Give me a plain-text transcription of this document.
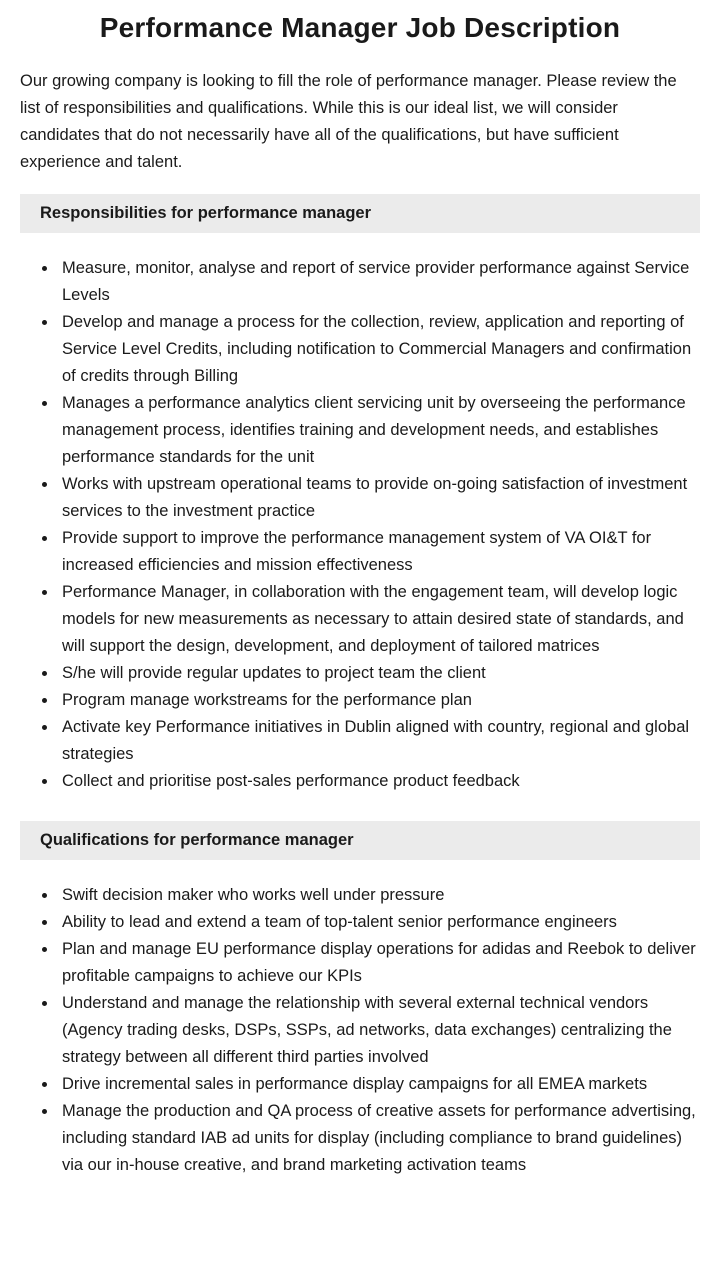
Performance Manager Job Description

Our growing company is looking to fill the role of performance manager. Please review the list of responsibilities and qualifications. While this is our ideal list, we will consider candidates that do not necessarily have all of the qualifications, but have sufficient experience and talent.

Responsibilities for performance manager
• Measure, monitor, analyse and report of service provider performance against Service Levels
• Develop and manage a process for the collection, review, application and reporting of Service Level Credits, including notification to Commercial Managers and confirmation of credits through Billing
• Manages a performance analytics client servicing unit by overseeing the performance management process, identifies training and development needs, and establishes performance standards for the unit
• Works with upstream operational teams to provide on-going satisfaction of investment services to the investment practice
• Provide support to improve the performance management system of VA OI&T for increased efficiencies and mission effectiveness
• Performance Manager, in collaboration with the engagement team, will develop logic models for new measurements as necessary to attain desired state of standards, and will support the design, development, and deployment of tailored matrices
• S/he will provide regular updates to project team the client
• Program manage workstreams for the performance plan
• Activate key Performance initiatives in Dublin aligned with country, regional and global strategies
• Collect and prioritise post-sales performance product feedback
Qualifications for performance manager
• Swift decision maker who works well under pressure
• Ability to lead and extend a team of top-talent senior performance engineers
• Plan and manage EU performance display operations for adidas and Reebok to deliver profitable campaigns to achieve our KPIs
• Understand and manage the relationship with several external technical vendors (Agency trading desks, DSPs, SSPs, ad networks, data exchanges) centralizing the strategy between all different third parties involved
• Drive incremental sales in performance display campaigns for all EMEA markets
• Manage the production and QA process of creative assets for performance advertising, including standard IAB ad units for display (including compliance to brand guidelines) via our in-house creative, and brand marketing activation teams
